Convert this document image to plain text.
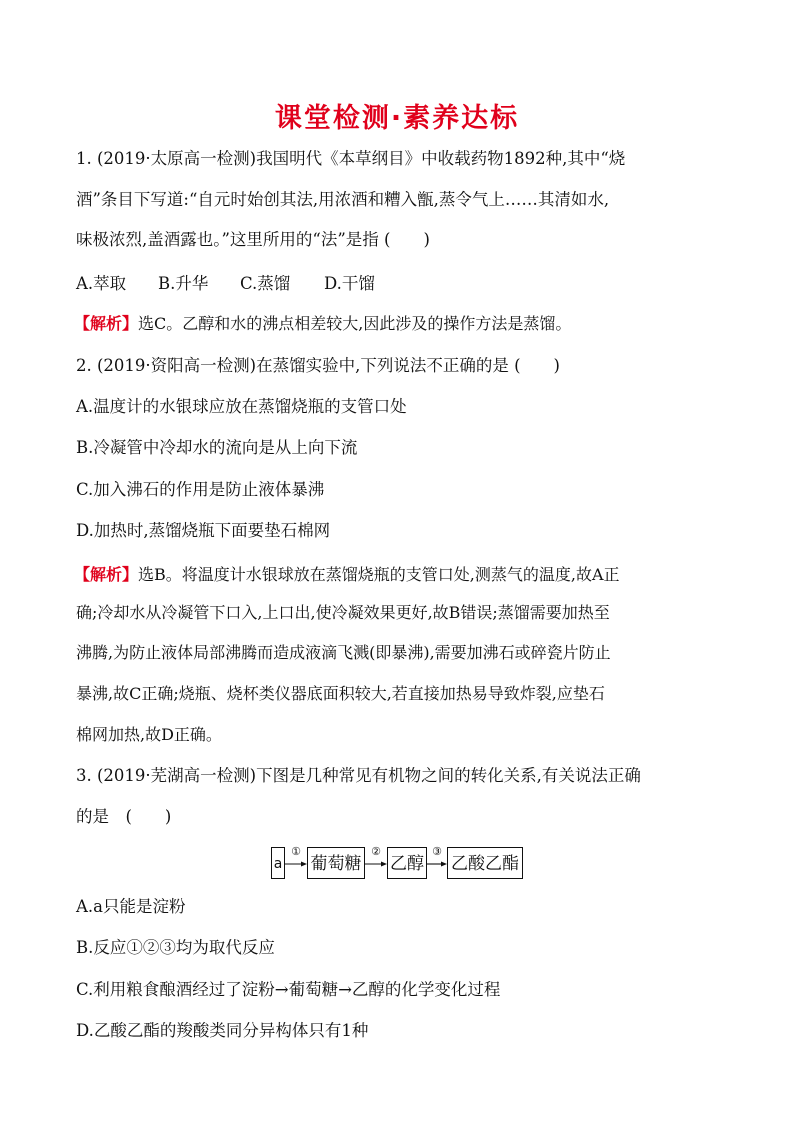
课堂检测·素养达标
1. (2019·太原高一检测)我国明代《本草纲目》中收载药物1892种,其中“烧
酒”条目下写道:“自元时始创其法,用浓酒和糟入甑,蒸令气上……其清如水,
味极浓烈,盖酒露也。”这里所用的“法”是指 (　　)
A.萃取 B.升华 C.蒸馏 D.干馏
【解析】选C。乙醇和水的沸点相差较大,因此涉及的操作方法是蒸馏。
2. (2019·资阳高一检测)在蒸馏实验中,下列说法不正确的是 (　　)
A.温度计的水银球应放在蒸馏烧瓶的支管口处
B.冷凝管中冷却水的流向是从上向下流
C.加入沸石的作用是防止液体暴沸
D.加热时,蒸馏烧瓶下面要垫石棉网
【解析】选B。将温度计水银球放在蒸馏烧瓶的支管口处,测蒸气的温度,故A正
确;冷却水从冷凝管下口入,上口出,使冷凝效果更好,故B错误;蒸馏需要加热至
沸腾,为防止液体局部沸腾而造成液滴飞溅(即暴沸),需要加沸石或碎瓷片防止
暴沸,故C正确;烧瓶、烧杯类仪器底面积较大,若直接加热易导致炸裂,应垫石
棉网加热,故D正确。
3. (2019·芜湖高一检测)下图是几种常见有机物之间的转化关系,有关说法正确
的是　(　　)
a
①
葡萄糖
②
乙醇
③
乙酸乙酯
A.a只能是淀粉
B.反应①②③均为取代反应
C.利用粮食酿酒经过了淀粉→葡萄糖→乙醇的化学变化过程
D.乙酸乙酯的羧酸类同分异构体只有1种
